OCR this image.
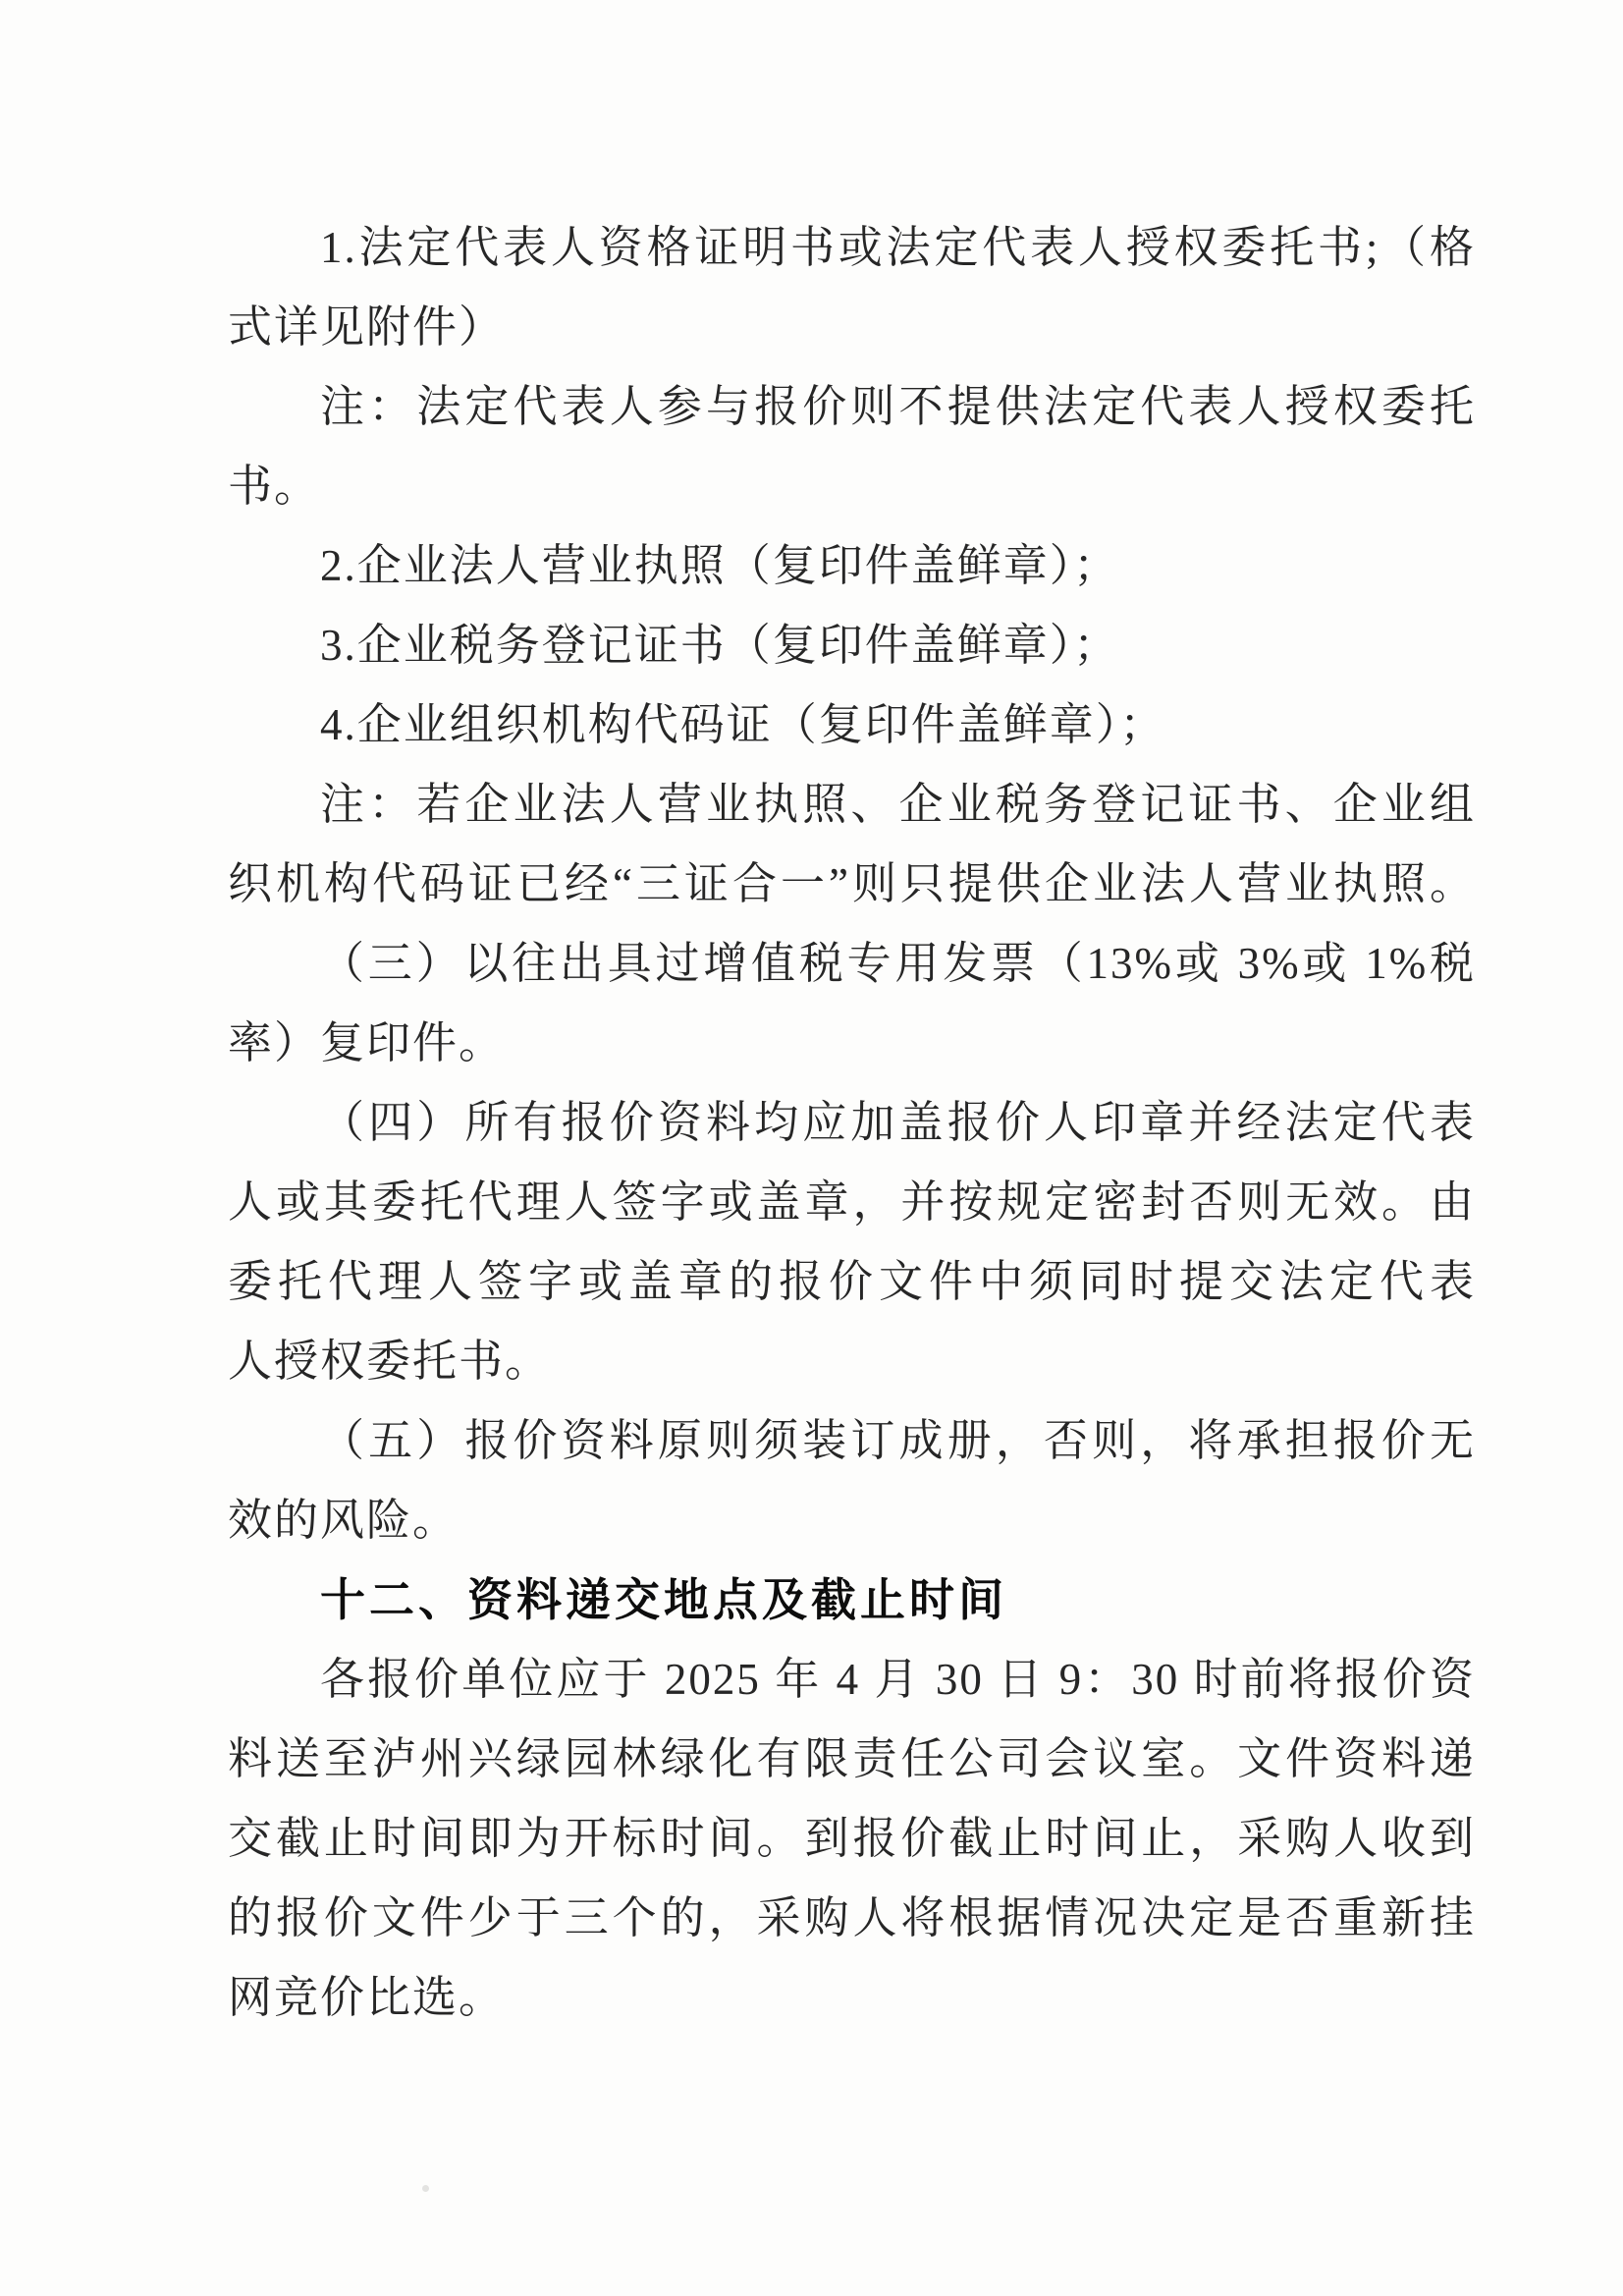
1.法定代表人资格证明书或法定代表人授权委托书;（格
式详见附件）
注：法定代表人参与报价则不提供法定代表人授权委托
书。
2.企业法人营业执照（复印件盖鲜章）；
3.企业税务登记证书（复印件盖鲜章）；
4.企业组织机构代码证（复印件盖鲜章）；
注：若企业法人营业执照、企业税务登记证书、企业组
织机构代码证已经“三证合一”则只提供企业法人营业执照。
（三）以往出具过增值税专用发票（13%或 3%或 1%税
率）复印件。
（四）所有报价资料均应加盖报价人印章并经法定代表
人或其委托代理人签字或盖章，并按规定密封否则无效。由
委托代理人签字或盖章的报价文件中须同时提交法定代表
人授权委托书。
（五）报价资料原则须装订成册，否则，将承担报价无
效的风险。
十二、资料递交地点及截止时间
各报价单位应于 2025 年 4 月 30 日 9：30 时前将报价资
料送至泸州兴绿园林绿化有限责任公司会议室。文件资料递
交截止时间即为开标时间。到报价截止时间止，采购人收到
的报价文件少于三个的，采购人将根据情况决定是否重新挂
网竞价比选。
